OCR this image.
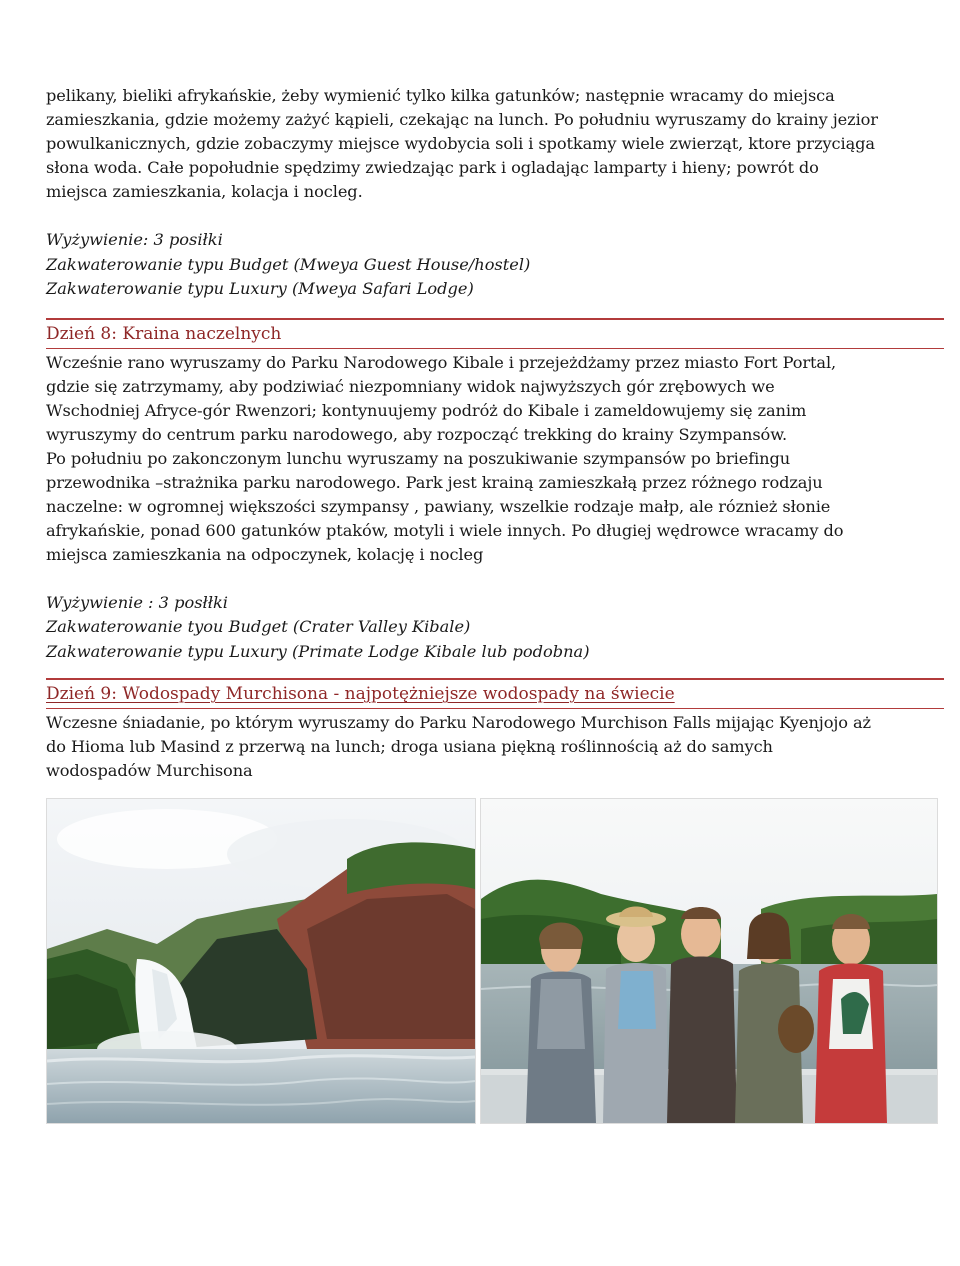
pelikany, bieliki afrykańskie, żeby wymienić tylko kilka gatunków; następnie wracamy do miejsca

zamieszkania, gdzie możemy zażyć kąpieli, czekając na lunch. Po południu wyruszamy do krainy jezior

powulkanicznych, gdzie zobaczymy miejsce wydobycia soli i spotkamy wiele zwierząt, ktore przyciąga

słona woda. Całe popołudnie spędzimy zwiedzając park i ogladając lamparty i hieny; powrót do

miejsca zamieszkania, kolacja i nocleg.

Wyżywienie: 3 posiłki

Zakwaterowanie typu Budget (Mweya Guest House/hostel)

Zakwaterowanie typu Luxury (Mweya Safari Lodge)

Dzień 8: Kraina naczelnych

Wcześnie rano wyruszamy do Parku Narodowego Kibale i przejeżdżamy przez miasto Fort Portal,

gdzie się zatrzymamy, aby podziwiać niezpomniany widok najwyższych gór zrębowych we

Wschodniej Afryce-gór Rwenzori; kontynuujemy podróż do Kibale i zameldowujemy się zanim

wyruszymy do centrum parku narodowego, aby rozpocząć trekking do krainy Szympansów.

Po południu po zakonczonym lunchu wyruszamy na poszukiwanie szympansów po briefingu

przewodnika –strażnika parku narodowego. Park jest krainą zamieszkałą przez różnego rodzaju

naczelne: w ogromnej większości szympansy , pawiany, wszelkie rodzaje małp, ale róznież słonie

afrykańskie, ponad 600 gatunków ptaków, motyli i wiele innych. Po długiej wędrowce wracamy do

miejsca zamieszkania na odpoczynek, kolację i nocleg

Wyżywienie : 3 posłłki

Zakwaterowanie tyou Budget (Crater Valley Kibale)

Zakwaterowanie typu Luxury (Primate Lodge Kibale lub podobna)

Dzień 9: Wodospady Murchisona - najpotężniejsze wodospady na świecie

Wczesne śniadanie, po którym wyruszamy do Parku Narodowego Murchison Falls mijając Kyenjojo aż

do Hioma lub Masind z przerwą na lunch; droga usiana piękną roślinnością aż do samych

wodospadów Murchisona
